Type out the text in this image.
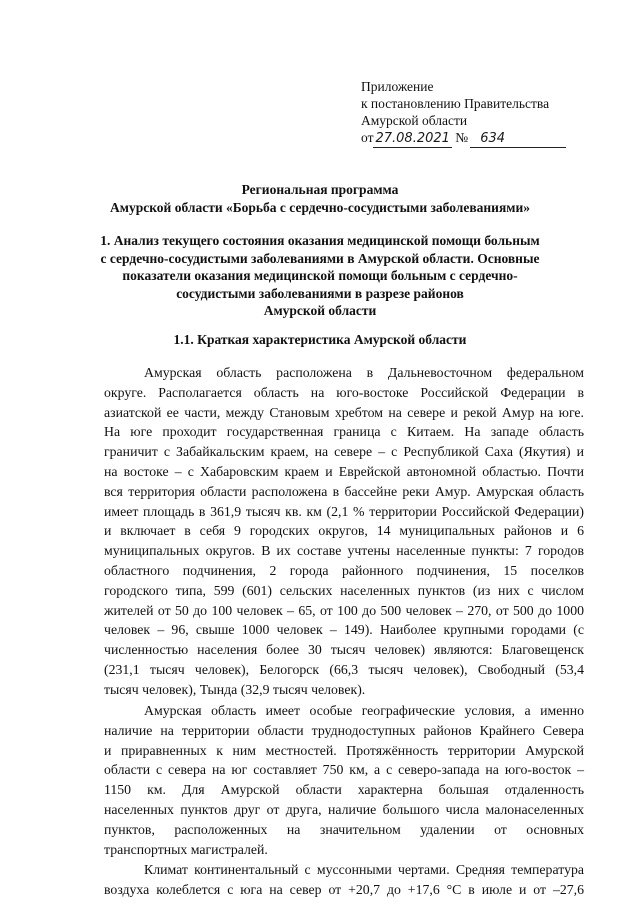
Приложение
к постановлению Правительства
Амурской области
от 27.08.2021 № 634
Региональная программа
Амурской области «Борьба с сердечно-сосудистыми заболеваниями»
1. Анализ текущего состояния оказания медицинской помощи больным
с сердечно-сосудистыми заболеваниями в Амурской области. Основные
показатели оказания медицинской помощи больным с сердечно-
сосудистыми заболеваниями в разрезе районов
Амурской области
1.1. Краткая характеристика Амурской области
Амурская область расположена в Дальневосточном федеральном
округе. Располагается область на юго-востоке Российской Федерации в
азиатской ее части, между Становым хребтом на севере и рекой Амур на юге.
На юге проходит государственная граница с Китаем. На западе область
граничит с Забайкальским краем, на севере – с Республикой Саха (Якутия) и
на востоке – с Хабаровским краем и Еврейской автономной областью. Почти
вся территория области расположена в бассейне реки Амур. Амурская область
имеет площадь в 361,9 тысяч кв. км (2,1 % территории Российской Федерации)
и включает в себя 9 городских округов, 14 муниципальных районов и 6
муниципальных округов. В их составе учтены населенные пункты: 7 городов
областного подчинения, 2 города районного подчинения, 15 поселков
городского типа, 599 (601) сельских населенных пунктов (из них с числом
жителей от 50 до 100 человек – 65, от 100 до 500 человек – 270, от 500 до 1000
человек – 96, свыше 1000 человек – 149). Наиболее крупными городами (с
численностью населения более 30 тысяч человек) являются: Благовещенск
(231,1 тысяч человек), Белогорск (66,3 тысяч человек), Свободный (53,4
тысяч человек), Тында (32,9 тысяч человек).
Амурская область имеет особые географические условия, а именно
наличие на территории области труднодоступных районов Крайнего Севера
и приравненных к ним местностей. Протяжённость территории Амурской
области с севера на юг составляет 750 км, а с северо-запада на юго-восток –
1150 км. Для Амурской области характерна большая отдаленность
населенных пунктов друг от друга, наличие большого числа малонаселенных
пунктов, расположенных на значительном удалении от основных
транспортных магистралей.
Климат континентальный с муссонными чертами. Средняя температура
воздуха колеблется с юга на север от +20,7 до +17,6 °С в июле и от –27,6
